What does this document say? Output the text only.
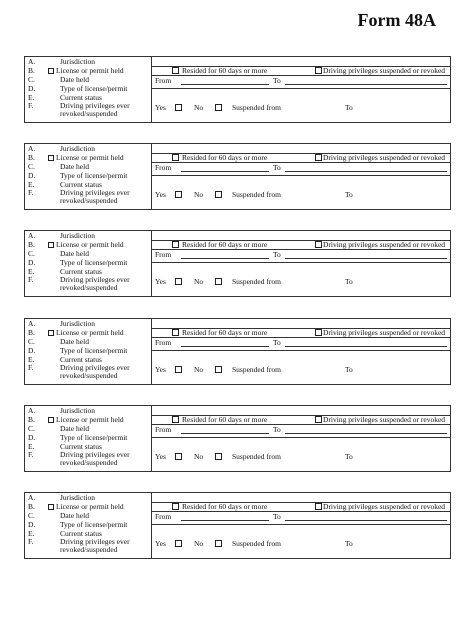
Form 48A
A.	Jurisdiction
B.	License or permit held
C.	Date held
D.	Type of license/permit
E.	Current status
F.	Driving privileges ever revoked/suspended
Resided for 60 days or more	Driving privileges suspended or revoked
From	To
Yes	No	Suspended from	To
A.	Jurisdiction
B.	License or permit held
C.	Date held
D.	Type of license/permit
E.	Current status
F.	Driving privileges ever revoked/suspended
Resided for 60 days or more	Driving privileges suspended or revoked
From	To
Yes	No	Suspended from	To
A.	Jurisdiction
B.	License or permit held
C.	Date held
D.	Type of license/permit
E.	Current status
F.	Driving privileges ever revoked/suspended
Resided for 60 days or more	Driving privileges suspended or revoked
From	To
Yes	No	Suspended from	To
A.	Jurisdiction
B.	License or permit held
C.	Date held
D.	Type of license/permit
E.	Current status
F.	Driving privileges ever revoked/suspended
Resided for 60 days or more	Driving privileges suspended or revoked
From	To
Yes	No	Suspended from	To
A.	Jurisdiction
B.	License or permit held
C.	Date held
D.	Type of license/permit
E.	Current status
F.	Driving privileges ever revoked/suspended
Resided for 60 days or more	Driving privileges suspended or revoked
From	To
Yes	No	Suspended from	To
A.	Jurisdiction
B.	License or permit held
C.	Date held
D.	Type of license/permit
E.	Current status
F.	Driving privileges ever revoked/suspended
Resided for 60 days or more	Driving privileges suspended or revoked
From	To
Yes	No	Suspended from	To
